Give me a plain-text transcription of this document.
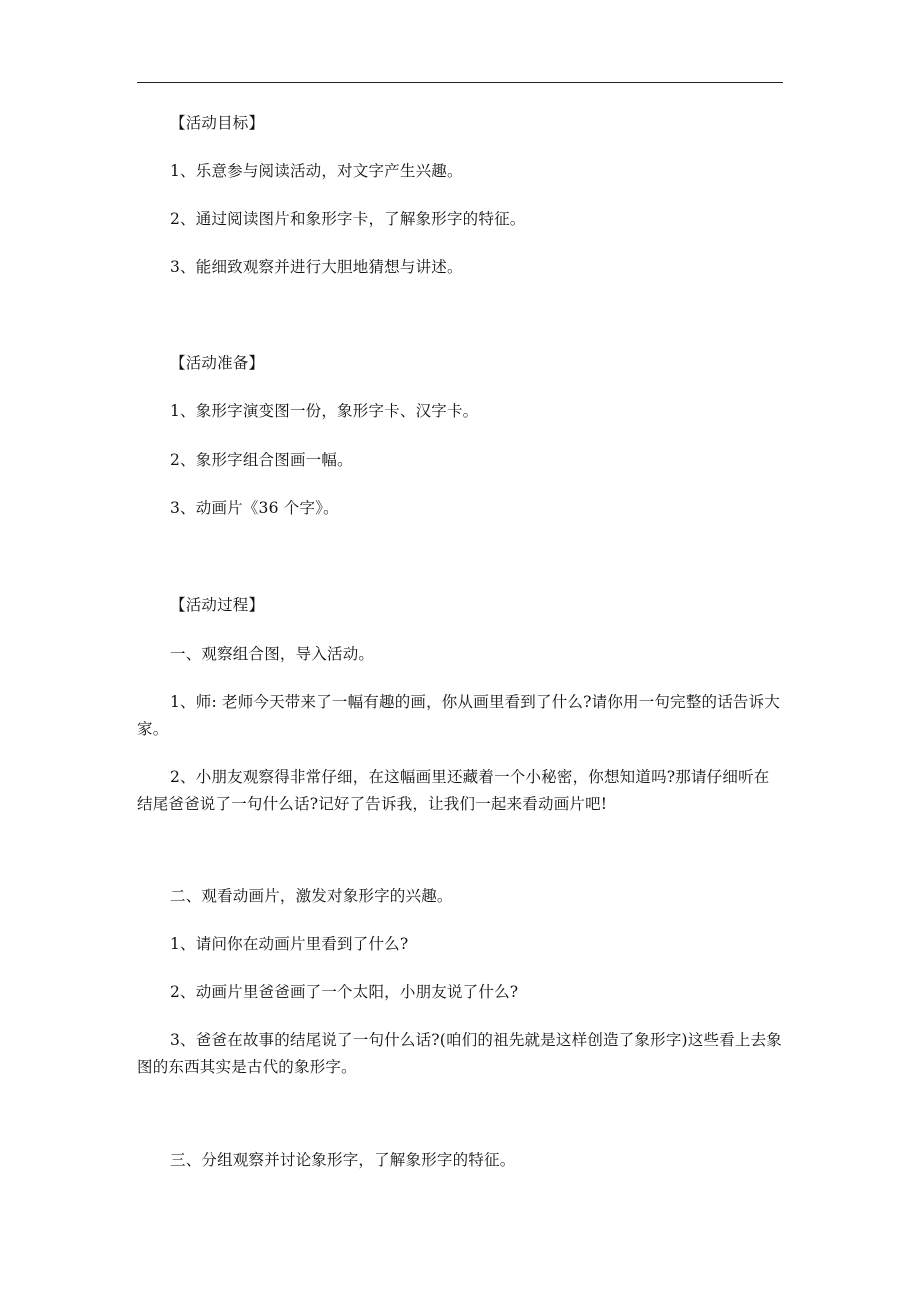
【活动目标】
1、乐意参与阅读活动，对文字产生兴趣。
2、通过阅读图片和象形字卡，了解象形字的特征。
3、能细致观察并进行大胆地猜想与讲述。
【活动准备】
1、象形字演变图一份，象形字卡、汉字卡。
2、象形字组合图画一幅。
3、动画片《36 个字》。
【活动过程】
一、观察组合图，导入活动。
1、师: 老师今天带来了一幅有趣的画，你从画里看到了什么?请你用一句完整的话告诉大家。
2、小朋友观察得非常仔细，在这幅画里还藏着一个小秘密，你想知道吗?那请仔细听在结尾爸爸说了一句什么话?记好了告诉我，让我们一起来看动画片吧!
二、观看动画片，激发对象形字的兴趣。
1、请问你在动画片里看到了什么?
2、动画片里爸爸画了一个太阳，小朋友说了什么?
3、爸爸在故事的结尾说了一句什么话?(咱们的祖先就是这样创造了象形字)这些看上去象图的东西其实是古代的象形字。
三、分组观察并讨论象形字，了解象形字的特征。
